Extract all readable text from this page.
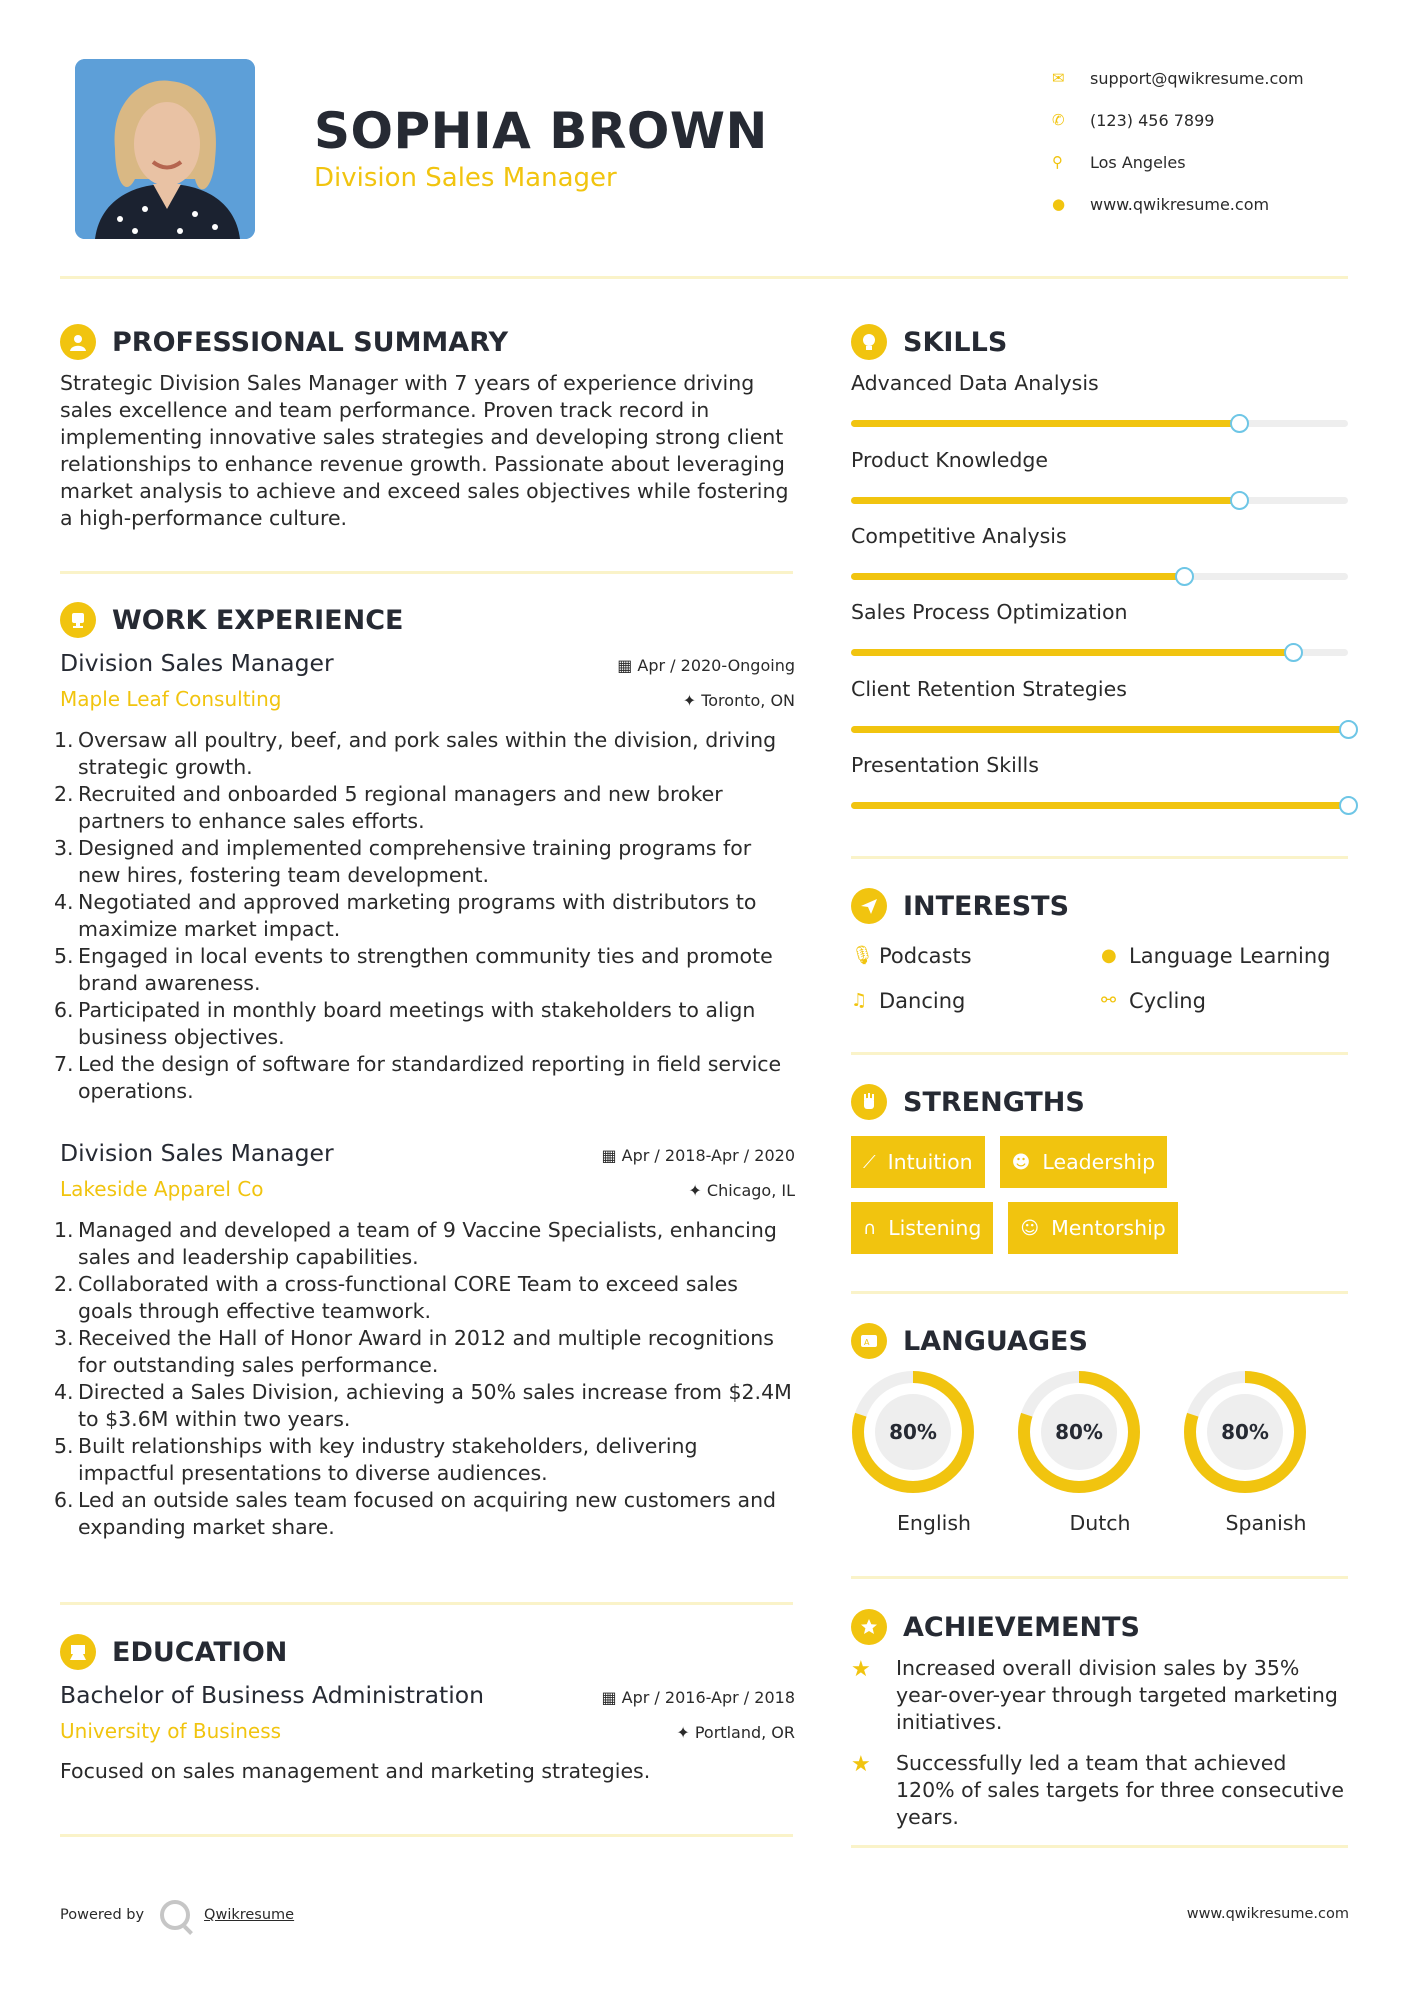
SOPHIA BROWN
Division Sales Manager
✉	support@qwikresume.com
✆	(123) 456 7899
⚲	Los Angeles
●	www.qwikresume.com
PROFESSIONAL SUMMARY
Strategic Division Sales Manager with 7 years of experience driving sales excellence and team performance. Proven track record in implementing innovative sales strategies and developing strong client relationships to enhance revenue growth. Passionate about leveraging market analysis to achieve and exceed sales objectives while fostering a high-performance culture.
WORK EXPERIENCE
Division Sales Manager	▦ Apr / 2020-Ongoing
Maple Leaf Consulting	✦ Toronto, ON
1. Oversaw all poultry, beef, and pork sales within the division, driving strategic growth.
2. Recruited and onboarded 5 regional managers and new broker partners to enhance sales efforts.
3. Designed and implemented comprehensive training programs for new hires, fostering team development.
4. Negotiated and approved marketing programs with distributors to maximize market impact.
5. Engaged in local events to strengthen community ties and promote brand awareness.
6. Participated in monthly board meetings with stakeholders to align business objectives.
7. Led the design of software for standardized reporting in field service operations.
Division Sales Manager	▦ Apr / 2018-Apr / 2020
Lakeside Apparel Co	✦ Chicago, IL
1. Managed and developed a team of 9 Vaccine Specialists, enhancing sales and leadership capabilities.
2. Collaborated with a cross-functional CORE Team to exceed sales goals through effective teamwork.
3. Received the Hall of Honor Award in 2012 and multiple recognitions for outstanding sales performance.
4. Directed a Sales Division, achieving a 50% sales increase from $2.4M to $3.6M within two years.
5. Built relationships with key industry stakeholders, delivering impactful presentations to diverse audiences.
6. Led an outside sales team focused on acquiring new customers and expanding market share.
EDUCATION
Bachelor of Business Administration	▦ Apr / 2016-Apr / 2018
University of Business	✦ Portland, OR
Focused on sales management and marketing strategies.
SKILLS
Advanced Data Analysis
Product Knowledge
Competitive Analysis
Sales Process Optimization
Client Retention Strategies
Presentation Skills
INTERESTS
🎙︎ Podcasts	● Language Learning
♫ Dancing	⚯ Cycling
STRENGTHS
⟋ Intuition ☻ Leadership
∩ Listening ☺ Mentorship
A LANGUAGES
80%
English
80%
Dutch
80%
Spanish
ACHIEVEMENTS
★	Increased overall division sales by 35% year-over-year through targeted marketing initiatives.
★	Successfully led a team that achieved 120% of sales targets for three consecutive years.
Powered by	Qwikresume	www.qwikresume.com
